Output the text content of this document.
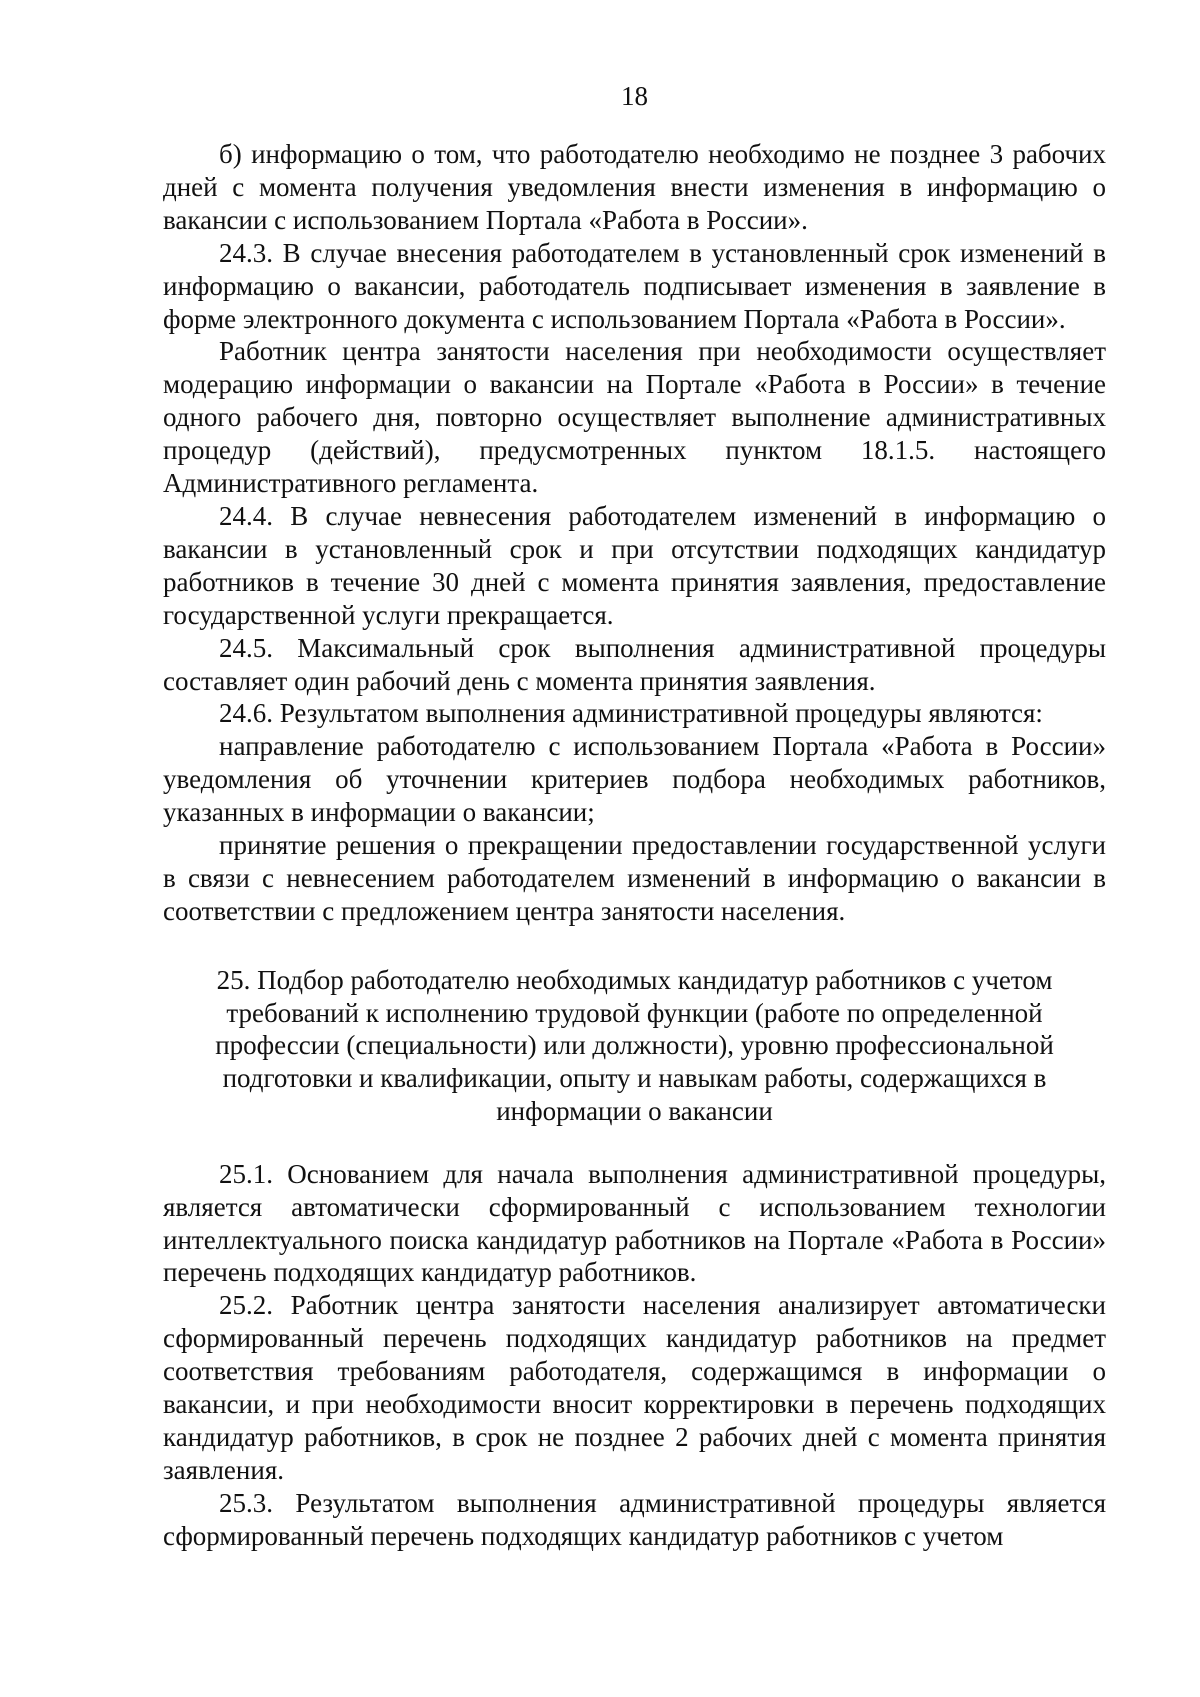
18

б) информацию о том, что работодателю необходимо не позднее 3 рабочих дней с момента получения уведомления внести изменения в информацию о вакансии с использованием Портала «Работа в России».

24.3. В случае внесения работодателем в установленный срок изменений в информацию о вакансии, работодатель подписывает изменения в заявление в форме электронного документа с использованием Портала «Работа в России».

Работник центра занятости населения при необходимости осуществляет модерацию информации о вакансии на Портале «Работа в России» в течение одного рабочего дня, повторно осуществляет выполнение административных процедур (действий), предусмотренных пунктом 18.1.5. настоящего Административного регламента.

24.4. В случае невнесения работодателем изменений в информацию о вакансии в установленный срок и при отсутствии подходящих кандидатур работников в течение 30 дней с момента принятия заявления, предоставление государственной услуги прекращается.

24.5. Максимальный срок выполнения административной процедуры составляет один рабочий день с момента принятия заявления.

24.6. Результатом выполнения административной процедуры являются:

направление работодателю с использованием Портала «Работа в России» уведомления об уточнении критериев подбора необходимых работников, указанных в информации о вакансии;

принятие решения о прекращении предоставлении государственной услуги в связи с невнесением работодателем изменений в информацию о вакансии в соответствии с предложением центра занятости населения.

25. Подбор работодателю необходимых кандидатур работников с учетом
требований к исполнению трудовой функции (работе по определенной
профессии (специальности) или должности), уровню профессиональной
подготовки и квалификации, опыту и навыкам работы, содержащихся в
информации о вакансии

25.1. Основанием для начала выполнения административной процедуры, является автоматически сформированный с использованием технологии интеллектуального поиска кандидатур работников на Портале «Работа в России» перечень подходящих кандидатур работников.

25.2. Работник центра занятости населения анализирует автоматически сформированный перечень подходящих кандидатур работников на предмет соответствия требованиям работодателя, содержащимся в информации о вакансии, и при необходимости вносит корректировки в перечень подходящих кандидатур работников, в срок не позднее 2 рабочих дней с момента принятия заявления.

25.3. Результатом выполнения административной процедуры является сформированный перечень подходящих кандидатур работников с учетом
